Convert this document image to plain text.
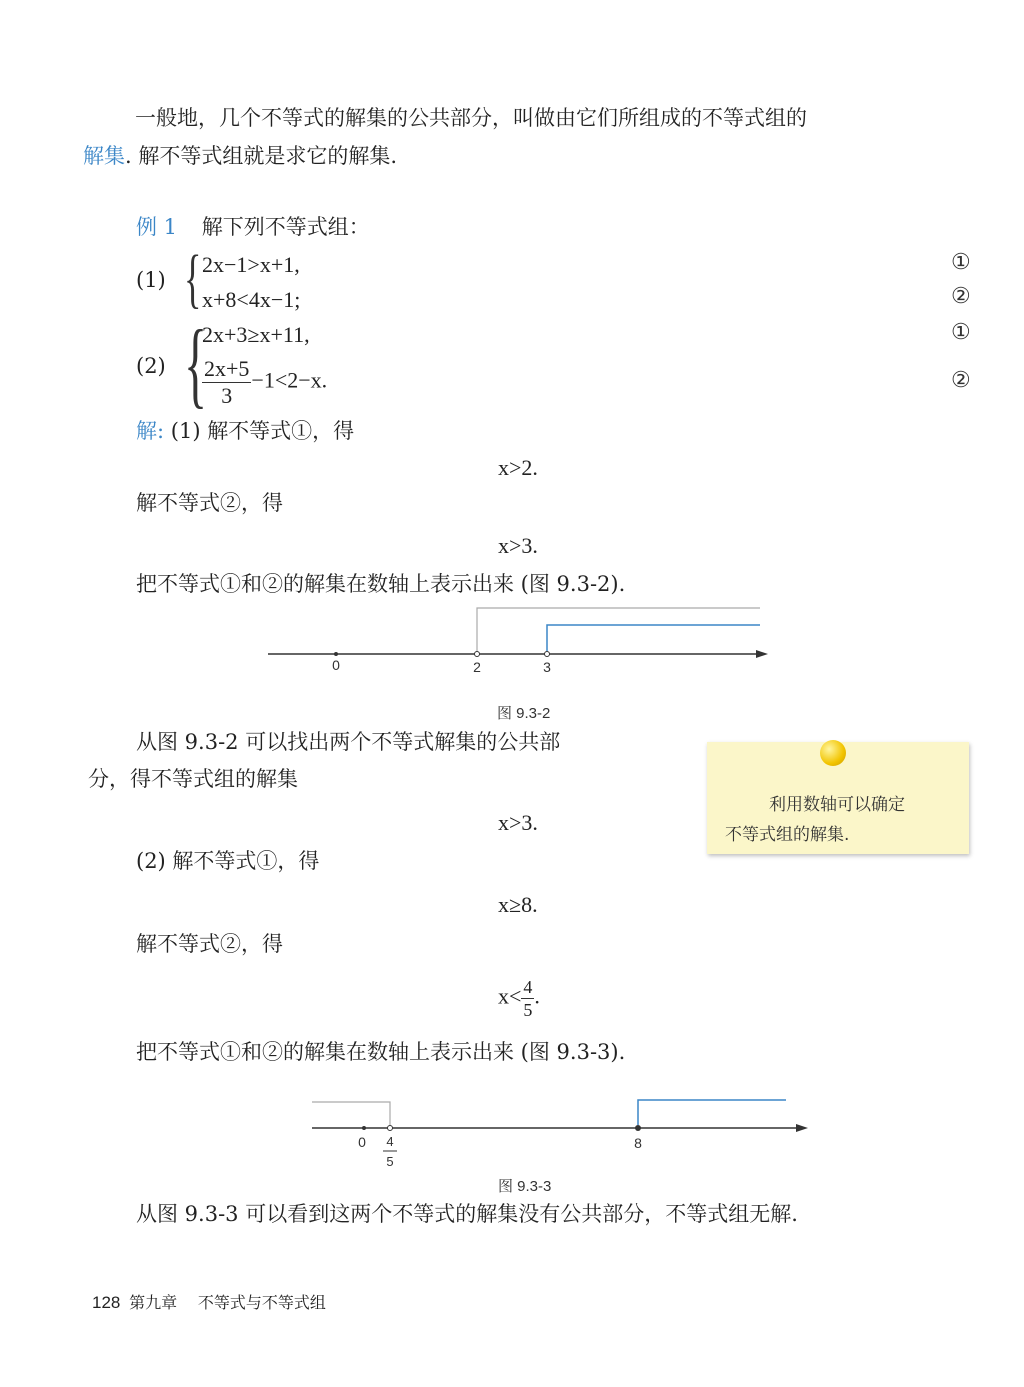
一般地，几个不等式的解集的公共部分，叫做由它们所组成的不等式组的
解集. 解不等式组就是求它的解集.
例 1 解下列不等式组：
(1) { 2x−1>x+1,
x+8<4x−1;
①
②
(2) {
2x+3≥x+11,
$\frac{2x+5}{3} -1<2-x$.
①
②
解: (1) 解不等式①，得
x>2.
解不等式②，得
x>3.
把不等式①和②的解集在数轴上表示出来 (图 9.3-2).
0	2	3
0 4
5
8
图 9.3-2
从图 9.3-2 可以找出两个不等式解集的公共部
分，得不等式组的解集
x>3.
利用数轴可以确定
不等式组的解集.
(2) 解不等式①，得
x≥8.
解不等式②，得
$x< \frac{4}{5}$ .
把不等式①和②的解集在数轴上表示出来 (图 9.3-3).
图 9.3-3
从图 9.3-3 可以看到这两个不等式的解集没有公共部分，不等式组无解.
128 第九章 不等式与不等式组
